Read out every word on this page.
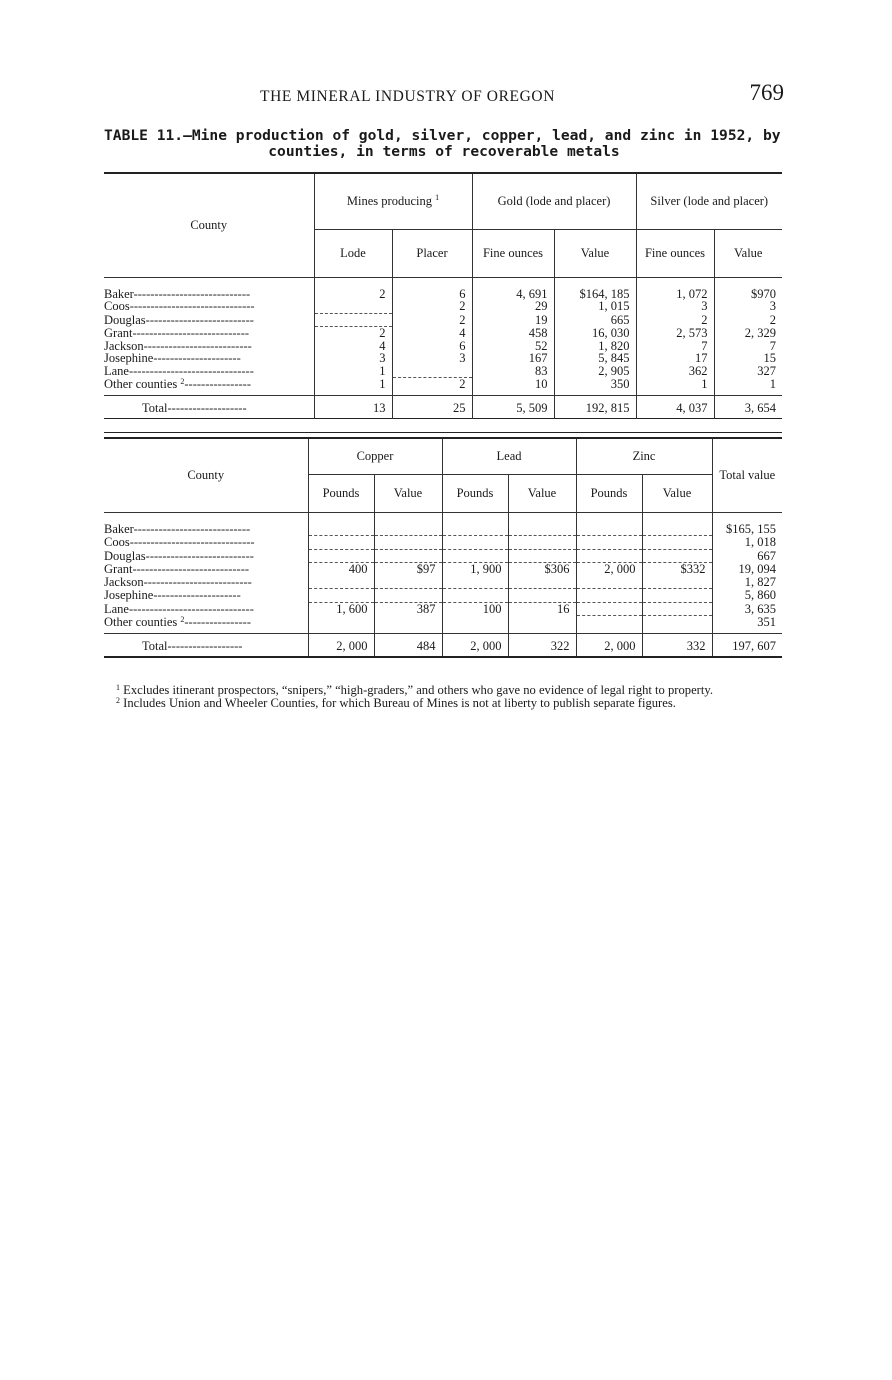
THE MINERAL INDUSTRY OF OREGON	769
TABLE 11.—Mine production of gold, silver, copper, lead, and zinc in 1952, by
counties, in terms of recoverable metals
County	Mines producing $^1$		Gold (lode and placer)		Silver (lode and placer)	
	Lode	Placer	Fine ounces	Value	Fine ounces	Value
Baker----------------------------	2	6	4, 691	$164, 185	1, 072	$970
Coos------------------------------		2	29	1, 015	3	3
Douglas--------------------------		2	19	665	2	2
Grant----------------------------	2	4	458	16, 030	2, 573	2, 329
Jackson--------------------------	4	6	52	1, 820	7	7
Josephine---------------------	3	3	167	5, 845	17	15
Lane------------------------------	1		83	2, 905	362	327
Other counties $^2$----------------	1	2	10	350	1	1
Total-------------------	13	25	5, 509	192, 815	4, 037	3, 654
County	Copper		Lead		Zinc		Total value
	Pounds	Value	Pounds	Value	Pounds	Value	
Baker----------------------------							$165, 155
Coos------------------------------							1, 018
Douglas--------------------------							667
Grant----------------------------	400	$97	1, 900	$306	2, 000	$332	19, 094
Jackson--------------------------							1, 827
Josephine---------------------							5, 860
Lane------------------------------	1, 600	387	100	16			3, 635
Other counties $^2$----------------							351
Total------------------	2, 000	484	2, 000	322	2, 000	332	197, 607

$^1$ Excludes itinerant prospectors, “snipers,” “high-graders,” and others who gave no evidence of legal right to property.

$^2$ Includes Union and Wheeler Counties, for which Bureau of Mines is not at liberty to publish separate figures.
